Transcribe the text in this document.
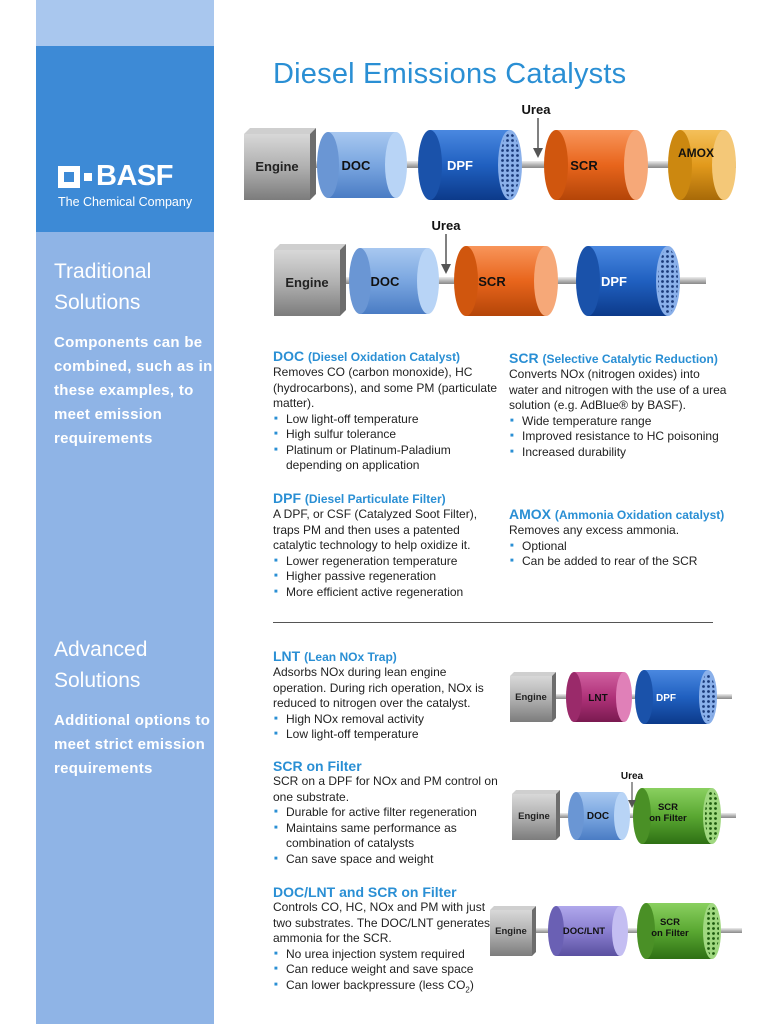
BASF
The Chemical Company
Traditional Solutions
Components can be combined, such as in these examples, to meet emission requirements
Advanced Solutions
Additional options to meet strict emission requirements
Diesel Emissions Catalysts
Engine	DOC	DPF	SCR
AMOX
Urea
Engine	DOC	SCR	DPF
Urea
DOC (Diesel Oxidation Catalyst)

Removes CO (carbon monoxide), HC (hydrocarbons), and some PM (particulate matter).

■ Low light-off temperature
■ High sulfur tolerance
■ Platinum or Platinum-Paladium depending on application
DPF (Diesel Particulate Filter)

A DPF, or CSF (Catalyzed Soot Filter), traps PM and then uses a patented catalytic technology to help oxidize it.

■ Lower regeneration temperature
■ Higher passive regeneration
■ More efficient active regeneration
SCR (Selective Catalytic Reduction)

Converts NOx (nitrogen oxides) into water and nitrogen with the use of a urea solution (e.g. AdBlue® by BASF).

■ Wide temperature range
■ Improved resistance to HC poisoning
■ Increased durability
AMOX (Ammonia Oxidation catalyst)

Removes any excess ammonia.

■ Optional
■ Can be added to rear of the SCR
LNT (Lean NOx Trap)

Adsorbs NOx during lean engine operation. During rich operation, NOx is reduced to nitrogen over the catalyst.

■ High NOx removal activity
■ Low light-off temperature
Engine	LNT	DPF
SCR on Filter

SCR on a DPF for NOx and PM control on one substrate.

■ Durable for active filter regeneration
■ Maintains same performance as combination of catalysts
■ Can save space and weight
Engine	DOC
SCR
on Filter
Urea
DOC/LNT and SCR on Filter

Controls CO, HC, NOx and PM with just two substrates. The DOC/LNT generates ammonia for the SCR.

■ No urea injection system required
■ Can reduce weight and save space
■ Can lower backpressure (less $CO_2$)
Engine	DOC/LNT
SCR
on Filter
